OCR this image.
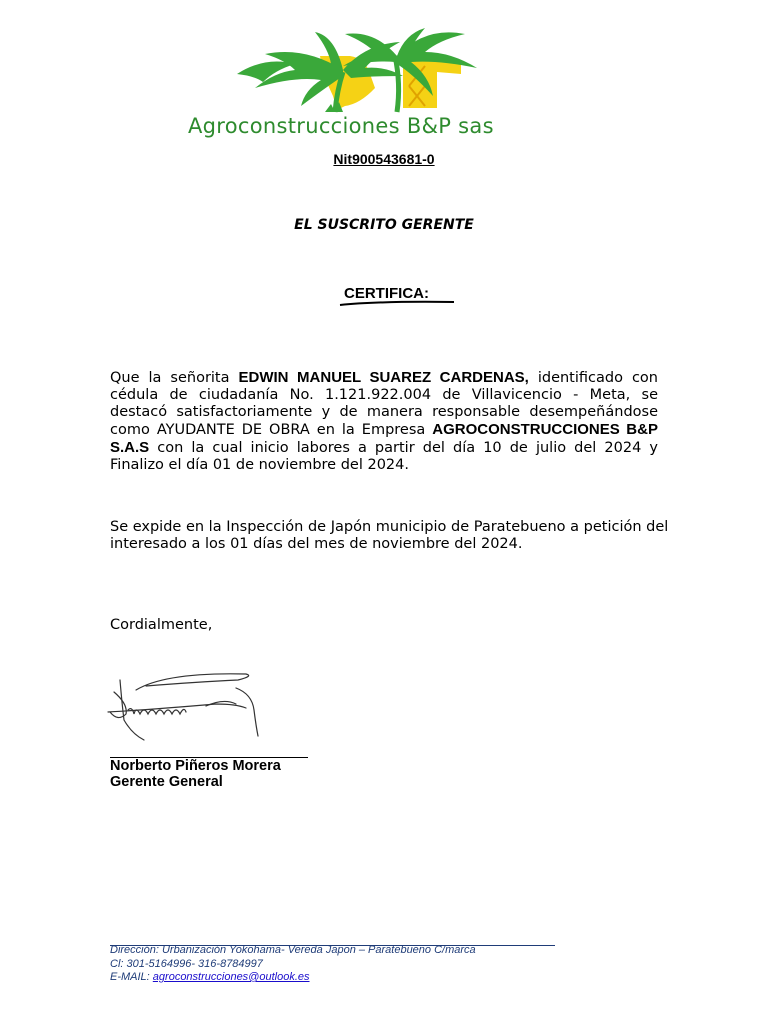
Agroconstrucciones B&P sas
Nit900543681-0
EL SUSCRITO GERENTE
CERTIFICA:
Que la señorita EDWIN MANUEL SUAREZ CARDENAS, identificado con cédula de ciudadanía No. 1.121.922.004 de Villavicencio - Meta, se destacó satisfactoriamente y de manera responsable desempeñándose como AYUDANTE DE OBRA en la Empresa AGROCONSTRUCCIONES B&P S.A.S con la cual inicio labores a partir del día 10 de julio del 2024 y Finalizo el día 01 de noviembre del 2024.
Se expide en la Inspección de Japón municipio de Paratebueno a petición del interesado a los 01 días del mes de noviembre del 2024.
Cordialmente,
Norberto Piñeros Morera
Gerente General
Dirección: Urbanización Yokohama- Vereda Japon – Paratebueno C/marca
Cl: 301-5164996- 316-8784997
E-MAIL: agroconstrucciones@outlook.es
